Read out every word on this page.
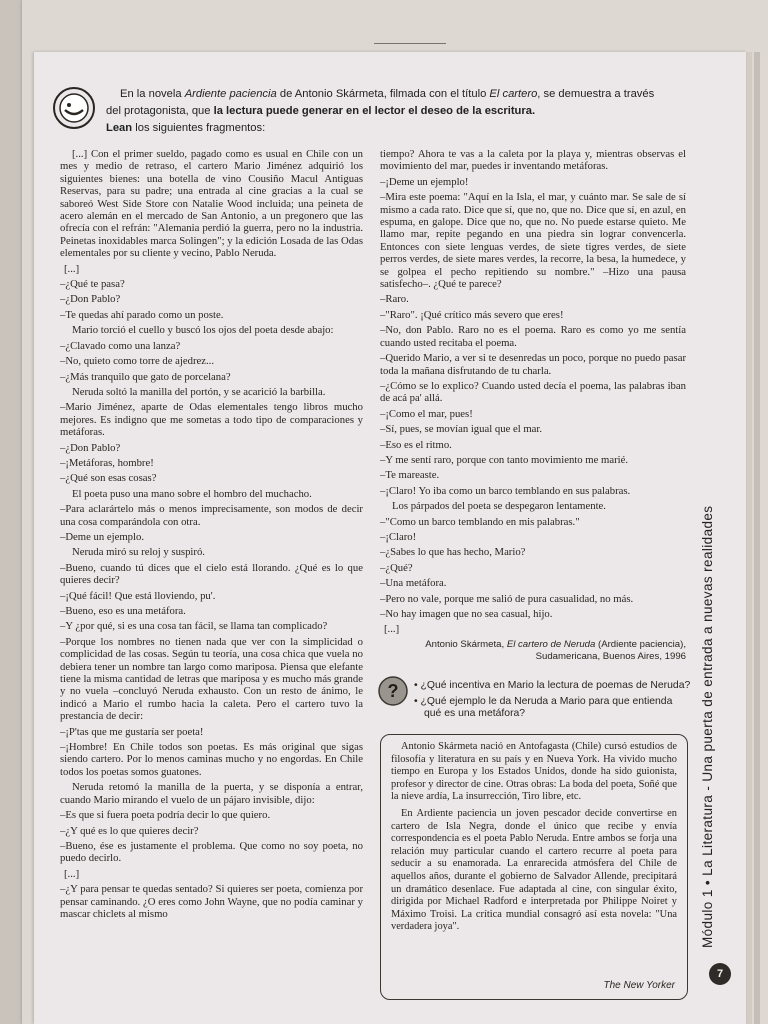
En la novela Ardiente paciencia de Antonio Skármeta, filmada con el título El cartero, se demuestra a través
del protagonista, que la lectura puede generar en el lector el deseo de la escritura.
Lean los siguientes fragmentos:

[...] Con el primer sueldo, pagado como es usual en Chile con un mes y medio de retraso, el cartero Mario Jiménez adquirió los siguientes bienes: una botella de vino Cousiño Macul Antiguas Reservas, para su padre; una entrada al cine gracias a la cual se saboreó West Side Store con Natalie Wood incluida; una peineta de acero alemán en el mercado de San Antonio, a un pregonero que las ofrecía con el refrán: "Alemania perdió la guerra, pero no la industria. Peinetas inoxidables marca Solingen"; y la edición Losada de las Odas elementales por su cliente y vecino, Pablo Neruda.

[...]

–¿Qué te pasa?

–¿Don Pablo?

–Te quedas ahí parado como un poste.

Mario torció el cuello y buscó los ojos del poeta desde abajo:

–¿Clavado como una lanza?

–No, quieto como torre de ajedrez...

–¿Más tranquilo que gato de porcelana?

Neruda soltó la manilla del portón, y se acarició la barbilla.

–Mario Jiménez, aparte de Odas elementales tengo libros mucho mejores. Es indigno que me sometas a todo tipo de comparaciones y metáforas.

–¿Don Pablo?

–¡Metáforas, hombre!

–¿Qué son esas cosas?

El poeta puso una mano sobre el hombro del muchacho.

–Para aclarártelo más o menos imprecisamente, son modos de decir una cosa comparándola con otra.

–Deme un ejemplo.

Neruda miró su reloj y suspiró.

–Bueno, cuando tú dices que el cielo está llorando. ¿Qué es lo que quieres decir?

–¡Qué fácil! Que está lloviendo, pu'.

–Bueno, eso es una metáfora.

–Y ¿por qué, si es una cosa tan fácil, se llama tan complicado?

–Porque los nombres no tienen nada que ver con la simplicidad o complicidad de las cosas. Según tu teoría, una cosa chica que vuela no debiera tener un nombre tan largo como mariposa. Piensa que elefante tiene la misma cantidad de letras que mariposa y es mucho más grande y no vuela –concluyó Neruda exhausto. Con un resto de ánimo, le indicó a Mario el rumbo hacia la caleta. Pero el cartero tuvo la prestancia de decir:

–¡P'tas que me gustaría ser poeta!

–¡Hombre! En Chile todos son poetas. Es más original que sigas siendo cartero. Por lo menos caminas mucho y no engordas. En Chile todos los poetas somos guatones.

Neruda retomó la manilla de la puerta, y se disponía a entrar, cuando Mario mirando el vuelo de un pájaro invisible, dijo:

–Es que si fuera poeta podría decir lo que quiero.

–¿Y qué es lo que quieres decir?

–Bueno, ése es justamente el problema. Que como no soy poeta, no puedo decirlo.

[...]

–¿Y para pensar te quedas sentado? Si quieres ser poeta, comienza por pensar caminando. ¿O eres como John Wayne, que no podía caminar y mascar chiclets al mismo

tiempo? Ahora te vas a la caleta por la playa y, mientras observas el movimiento del mar, puedes ir inventando metáforas.

–¡Deme un ejemplo!

–Mira este poema: "Aquí en la Isla, el mar, y cuánto mar. Se sale de sí mismo a cada rato. Dice que sí, que no, que no. Dice que sí, en azul, en espuma, en galope. Dice que no, que no. No puede estarse quieto. Me llamo mar, repite pegando en una piedra sin lograr convencerla. Entonces con siete lenguas verdes, de siete tigres verdes, de siete perros verdes, de siete mares verdes, la recorre, la besa, la humedece, y se golpea el pecho repitiendo su nombre." –Hizo una pausa satisfecho–. ¿Qué te parece?

–Raro.

–"Raro". ¡Qué crítico más severo que eres!

–No, don Pablo. Raro no es el poema. Raro es como yo me sentía cuando usted recitaba el poema.

–Querido Mario, a ver si te desenredas un poco, porque no puedo pasar toda la mañana disfrutando de tu charla.

–¿Cómo se lo explico? Cuando usted decía el poema, las palabras iban de acá pa' allá.

–¡Como el mar, pues!

–Sí, pues, se movían igual que el mar.

–Eso es el ritmo.

–Y me sentí raro, porque con tanto movimiento me marié.

–Te mareaste.

–¡Claro! Yo iba como un barco temblando en sus palabras.

Los párpados del poeta se despegaron lentamente.

–"Como un barco temblando en mis palabras."

–¡Claro!

–¿Sabes lo que has hecho, Mario?

–¿Qué?

–Una metáfora.

–Pero no vale, porque me salió de pura casualidad, no más.

–No hay imagen que no sea casual, hijo.

[...]

Antonio Skármeta, El cartero de Neruda (Ardiente paciencia),
Sudamericana, Buenos Aires, 1996
? • ¿Qué incentiva en Mario la lectura de poemas de Neruda?
• ¿Qué ejemplo le da Neruda a Mario para que entienda qué es una metáfora?

Antonio Skármeta nació en Antofagasta (Chile) cursó estudios de filosofía y literatura en su país y en Nueva York. Ha vivido mucho tiempo en Europa y los Estados Unidos, donde ha sido guionista, profesor y director de cine. Otras obras: La boda del poeta, Soñé que la nieve ardía, La insurrección, Tiro libre, etc.

En Ardiente paciencia un joven pescador decide convertirse en cartero de Isla Negra, donde el único que recibe y envía correspondencia es el poeta Pablo Neruda. Entre ambos se forja una relación muy particular cuando el cartero recurre al poeta para seducir a su enamorada. La enrarecida atmósfera del Chile de aquellos años, durante el gobierno de Salvador Allende, precipitará un dramático desenlace. Fue adaptada al cine, con singular éxito, dirigida por Michael Radford e interpretada por Philippe Noiret y Máximo Troisi. La crítica mundial consagró así esta novela: "Una verdadera joya".

The New Yorker
Módulo 1 • La Literatura - Una puerta de entrada a nuevas realidades
7
